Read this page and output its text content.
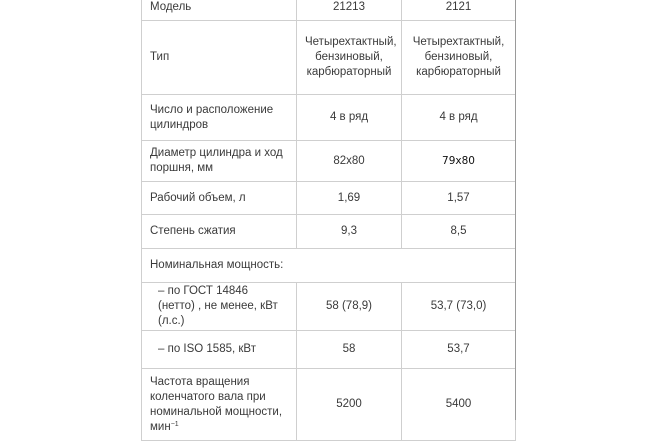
Модель	21213	2121
Тип	Четырехтактный, бензиновый, карбюраторный	Четырехтактный, бензиновый, карбюраторный
Число и расположение цилиндров	4 в ряд	4 в ряд
Диаметр цилиндра и ход поршня, мм	82x80	79x80
Рабочий объем, л	1,69	1,57
Степень сжатия	9,3	8,5
Номинальная мощность:		
– по ГОСТ 14846 (нетто) , не менее, кВт (л.с.)	58 (78,9)	53,7 (73,0)
– по ISO 1585, кВт	58	53,7
Частота вращения коленчатого вала при номинальной мощности, мин$^{-1}$	5200	5400
